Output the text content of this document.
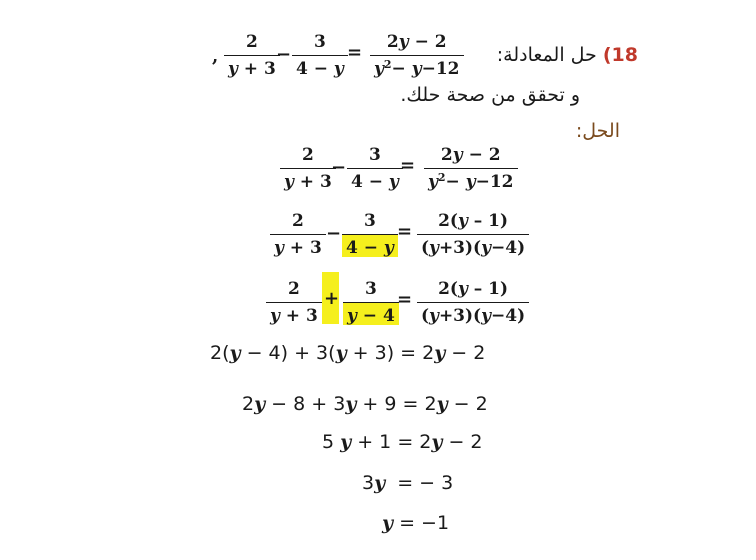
18) حل المعادلة:
,
2
y + 3
−
3
4 − y
= 2y − 2
$y^2- y-12$
و تحقق من صحة حلك.
الحل:
2
y + 3
−
3
4 − y
= 2y − 2
$y^2- y-12$
2
y + 3
−
3
4 − y
= 2(y – 1)
(y+3)(y−4)
2
y + 3
+ 3
y − 4
= 2(y – 1)
(y+3)(y−4)
2(y − 4) + 3(y + 3) = 2y − 2
2y − 8 + 3y + 9 = 2y − 2
5 y + 1 = 2y − 2
3y  = − 3
y = −1
